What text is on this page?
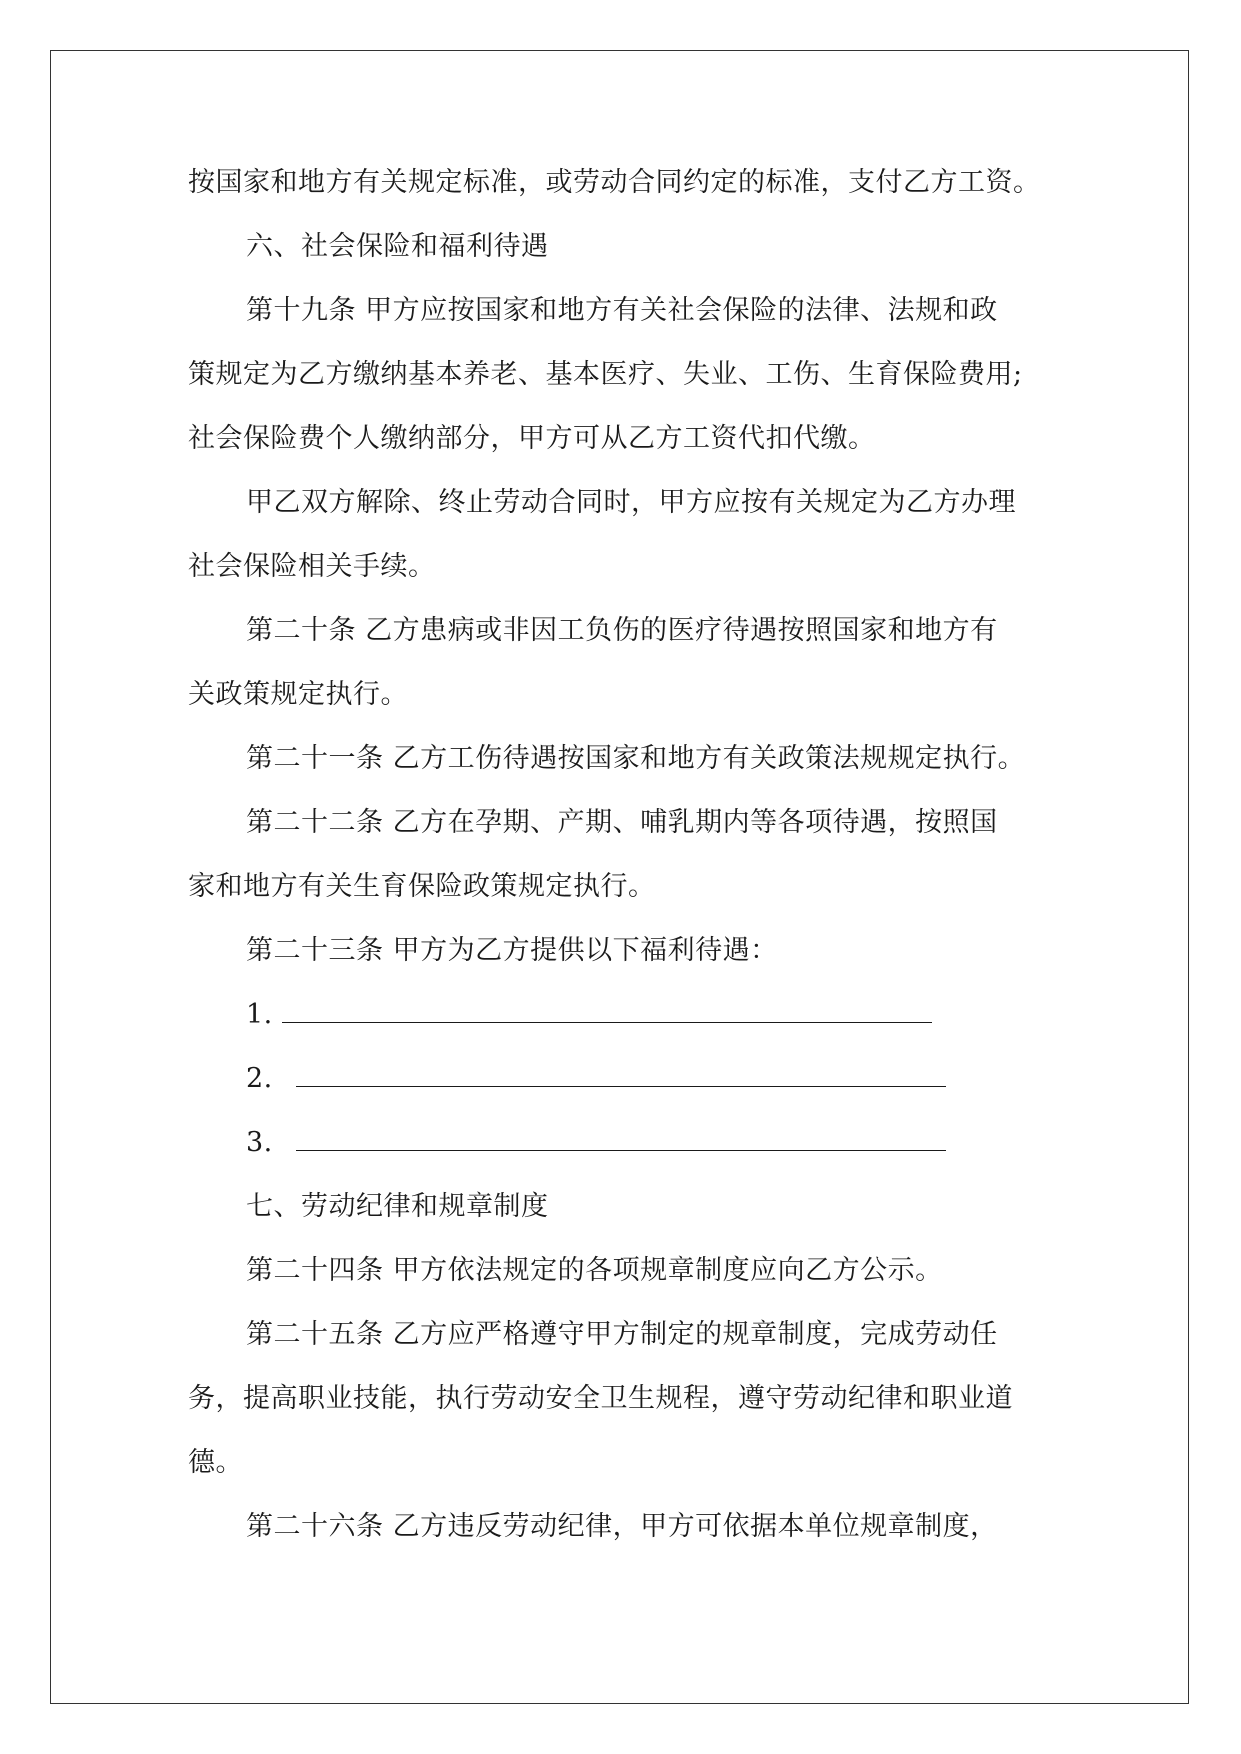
按国家和地方有关规定标准，或劳动合同约定的标准，支付乙方工资。
六、社会保险和福利待遇
第十九条 甲方应按国家和地方有关社会保险的法律、法规和政
策规定为乙方缴纳基本养老、基本医疗、失业、工伤、生育保险费用;
社会保险费个人缴纳部分，甲方可从乙方工资代扣代缴。
甲乙双方解除、终止劳动合同时，甲方应按有关规定为乙方办理
社会保险相关手续。
第二十条 乙方患病或非因工负伤的医疗待遇按照国家和地方有
关政策规定执行。
第二十一条 乙方工伤待遇按国家和地方有关政策法规规定执行。
第二十二条 乙方在孕期、产期、哺乳期内等各项待遇，按照国
家和地方有关生育保险政策规定执行。
第二十三条 甲方为乙方提供以下福利待遇：
1.
2.
3.
七、劳动纪律和规章制度
第二十四条 甲方依法规定的各项规章制度应向乙方公示。
第二十五条 乙方应严格遵守甲方制定的规章制度，完成劳动任
务，提高职业技能，执行劳动安全卫生规程，遵守劳动纪律和职业道
德。
第二十六条 乙方违反劳动纪律，甲方可依据本单位规章制度，
